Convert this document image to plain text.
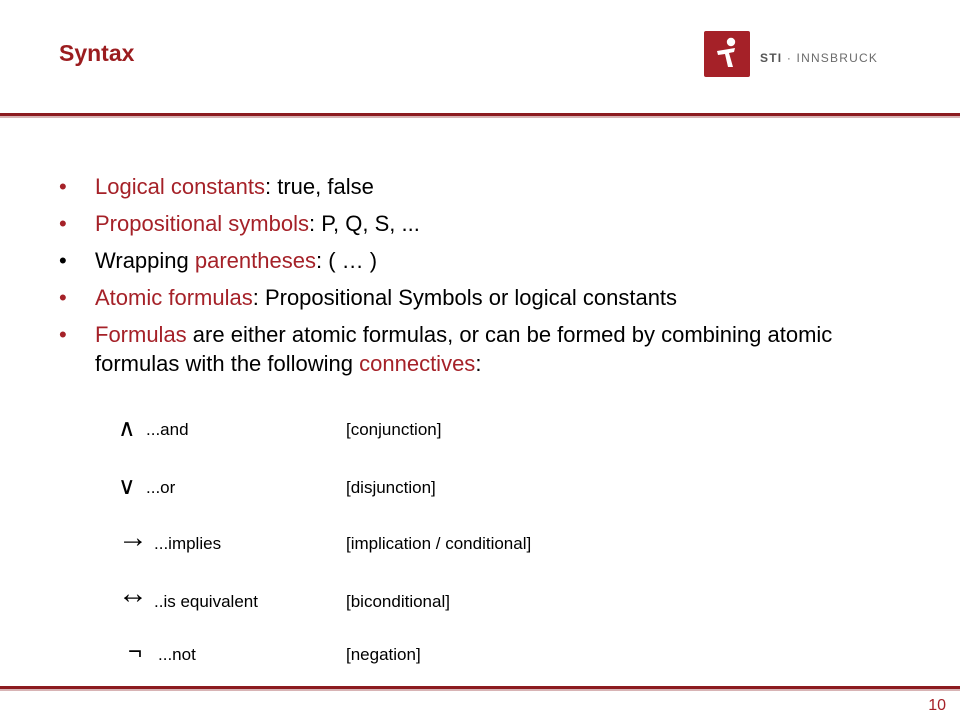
Syntax	STI · INNSBRUCK
• Logical constants: true, false
• Propositional symbols: P, Q, S, ...
• Wrapping parentheses: ( … )
• Atomic formulas: Propositional Symbols or logical constants
• Formulas are either atomic formulas, or can be formed by combining atomic formulas with the following connectives:
∧ ...and	[conjunction]
∨ ...or	[disjunction]
→ ...implies	[implication / conditional]
↔ ..is equivalent	[biconditional]
¬ ...not	[negation]
10
